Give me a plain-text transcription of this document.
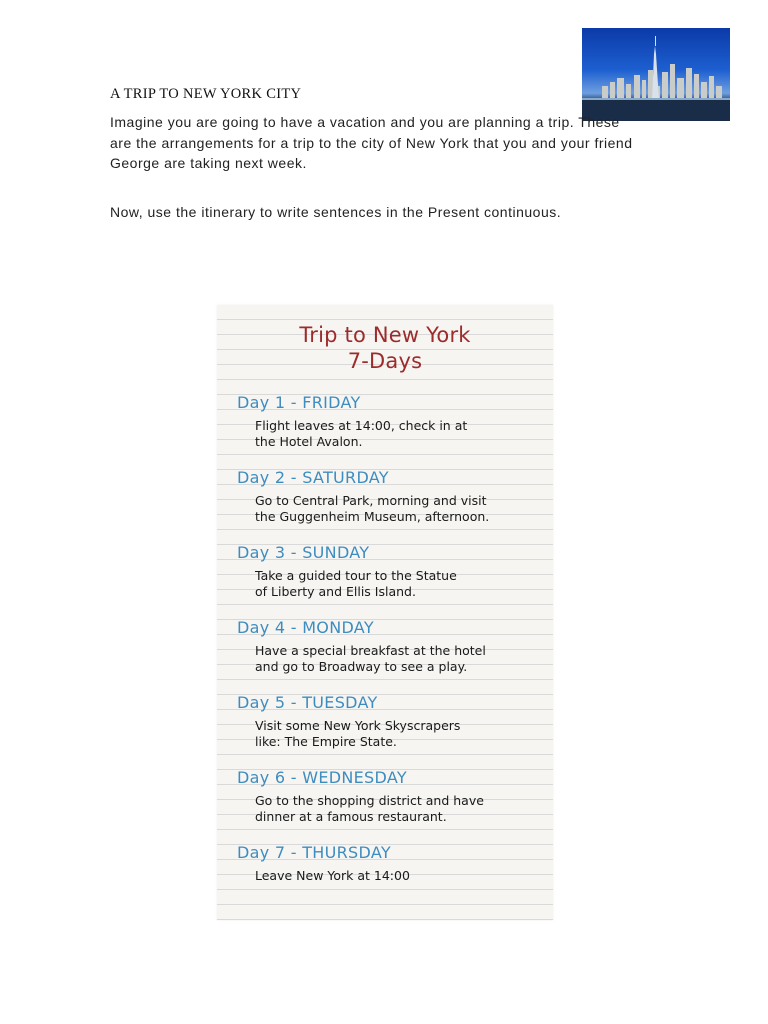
A TRIP TO NEW YORK CITY
Imagine you are going to have a vacation and you are planning a trip. These are the arrangements for a trip to the city of New York that you and your friend George are taking next week.
Now, use the itinerary to write sentences in the Present continuous.
Trip to New York
7-Days
Day 1 - FRIDAY
Flight leaves at 14:00, check in at
the Hotel Avalon.
Day 2 - SATURDAY
Go to Central Park, morning and visit
the Guggenheim Museum, afternoon.
Day 3 - SUNDAY
Take a guided tour to the Statue
of Liberty and Ellis Island.
Day 4 - MONDAY
Have a special breakfast at the hotel
and go to Broadway to see a play.
Day 5 - TUESDAY
Visit some New York Skyscrapers
like: The Empire State.
Day 6 - WEDNESDAY
Go to the shopping district and have
dinner at a famous restaurant.
Day 7 - THURSDAY
Leave New York at 14:00
